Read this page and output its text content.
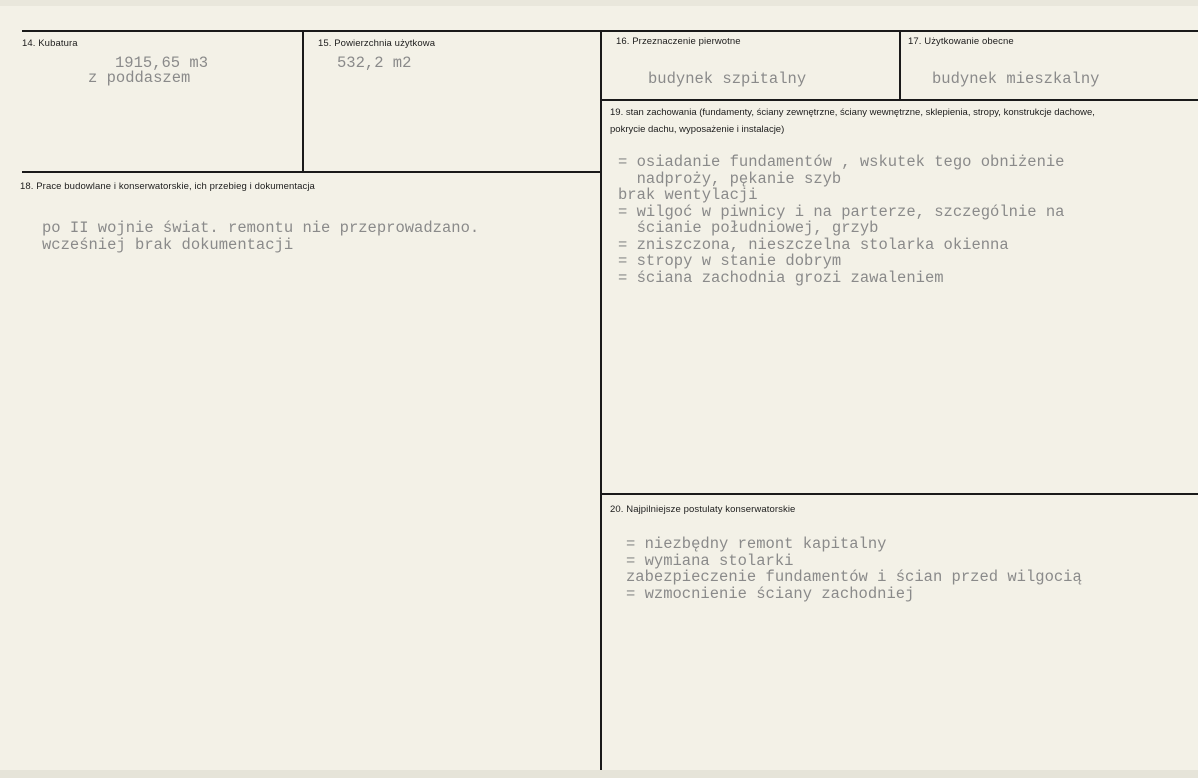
14. Kubatura
1915,65 m3
z poddaszem
15. Powierzchnia użytkowa
532,2 m2
16. Przeznaczenie pierwotne
budynek szpitalny
17. Użytkowanie obecne
budynek mieszkalny
18. Prace budowlane i konserwatorskie, ich przebieg i dokumentacja
po II wojnie świat. remontu nie przeprowadzano.
wcześniej brak dokumentacji
19. stan zachowania (fundamenty, ściany zewnętrzne, ściany wewnętrzne, sklepienia, stropy, konstrukcje dachowe, pokrycie dachu, wyposażenie i instalacje)
= osiadanie fundamentów , wskutek tego obniżenie
nadproży, pękanie szyb
brak wentylacji
= wilgoć w piwnicy i na parterze, szczególnie na
ścianie południowej, grzyb
= zniszczona, nieszczelna stolarka okienna
= stropy w stanie dobrym
= ściana zachodnia grozi zawaleniem
20. Najpilniejsze postulaty konserwatorskie
= niezbędny remont kapitalny
= wymiana stolarki
zabezpieczenie fundamentów i ścian przed wilgocią
= wzmocnienie ściany zachodniej
